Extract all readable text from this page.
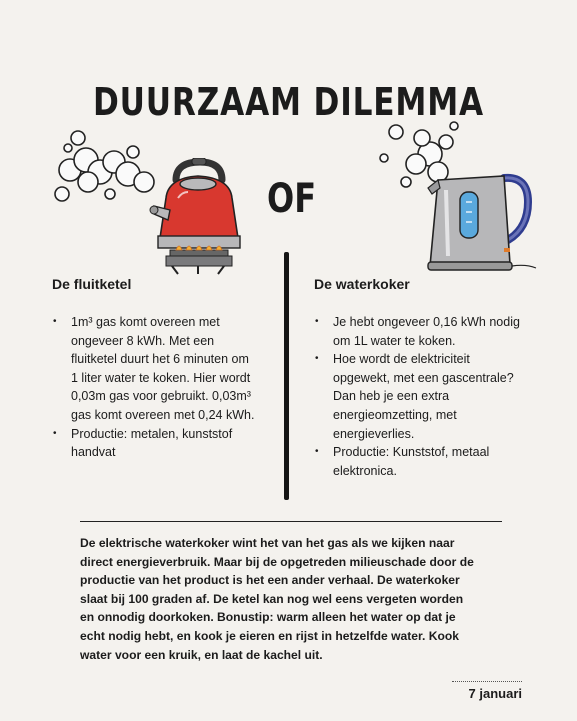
DUURZAAM DILEMMA
OF
De fluitketel
• 1m³ gas komt overeen met ongeveer 8 kWh. Met een fluitketel duurt het 6 minuten om 1 liter water te koken. Hier wordt 0,03m gas voor gebruikt. 0,03m³ gas komt overeen met 0,24 kWh.
• Productie: metalen, kunststof handvat
De waterkoker
• Je hebt ongeveer 0,16 kWh nodig om 1L water te koken.
• Hoe wordt de elektriciteit opgewekt, met een gascentrale? Dan heb je een extra energieomzetting, met energieverlies.
• Productie: Kunststof, metaal elektronica.
De elektrische waterkoker wint het van het gas als we kijken naar direct energieverbruik. Maar bij de opgetreden milieuschade door de productie van het product is het een ander verhaal. De waterkoker slaat bij 100 graden af. De ketel kan nog wel eens vergeten worden en onnodig doorkoken. Bonustip: warm alleen het water op dat je echt nodig hebt, en kook je eieren en rijst in hetzelfde water. Kook water voor een kruik, en laat de kachel uit.
7 januari
